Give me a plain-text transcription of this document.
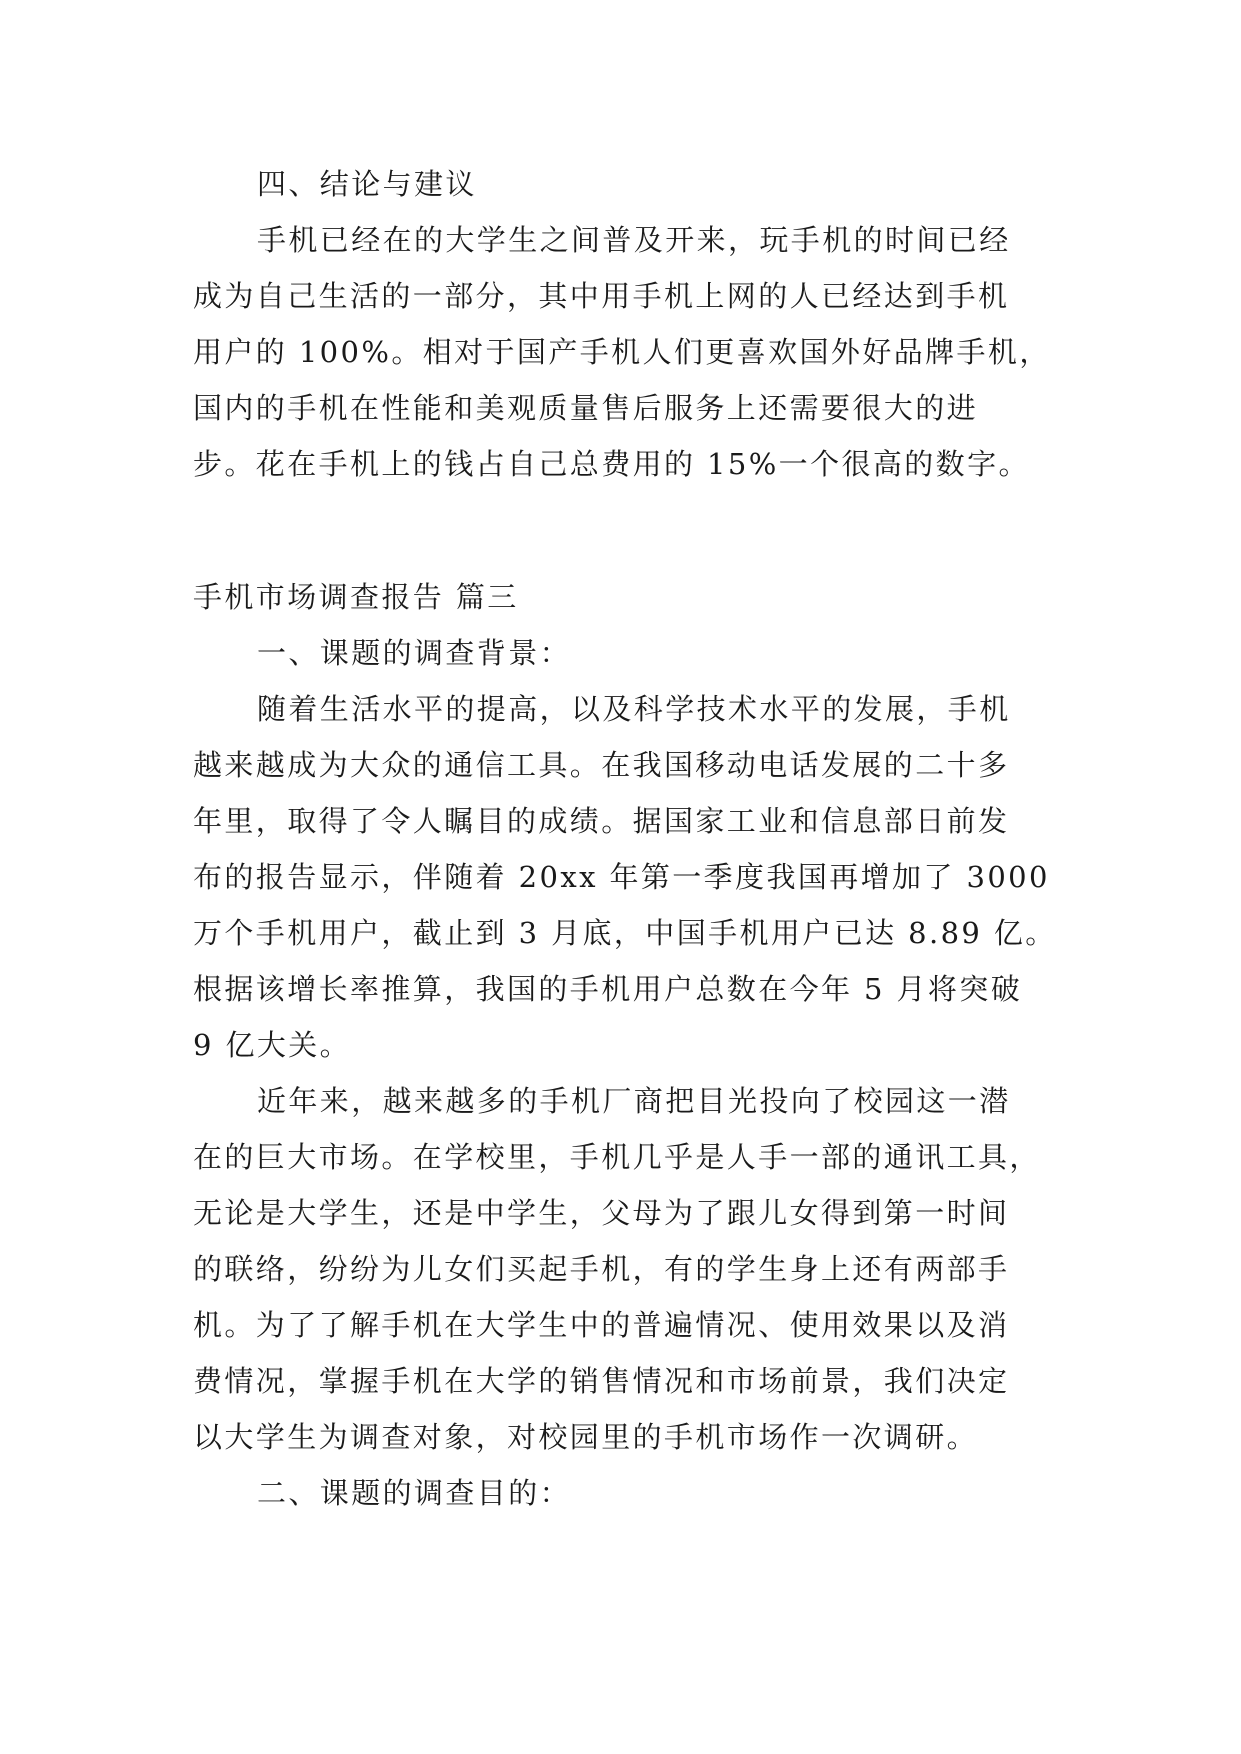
四、结论与建议
手机已经在的大学生之间普及开来，玩手机的时间已经
成为自己生活的一部分，其中用手机上网的人已经达到手机
用户的 100%。相对于国产手机人们更喜欢国外好品牌手机，
国内的手机在性能和美观质量售后服务上还需要很大的进
步。花在手机上的钱占自己总费用的 15%一个很高的数字。
手机市场调查报告 篇三
一、课题的调查背景：
随着生活水平的提高，以及科学技术水平的发展，手机
越来越成为大众的通信工具。在我国移动电话发展的二十多
年里，取得了令人瞩目的成绩。据国家工业和信息部日前发
布的报告显示，伴随着 20xx 年第一季度我国再增加了 3000
万个手机用户，截止到 3 月底，中国手机用户已达 8.89 亿。
根据该增长率推算，我国的手机用户总数在今年 5 月将突破
9 亿大关。
近年来，越来越多的手机厂商把目光投向了校园这一潜
在的巨大市场。在学校里，手机几乎是人手一部的通讯工具，
无论是大学生，还是中学生，父母为了跟儿女得到第一时间
的联络，纷纷为儿女们买起手机，有的学生身上还有两部手
机。为了了解手机在大学生中的普遍情况、使用效果以及消
费情况，掌握手机在大学的销售情况和市场前景，我们决定
以大学生为调查对象，对校园里的手机市场作一次调研。
二、课题的调查目的：
